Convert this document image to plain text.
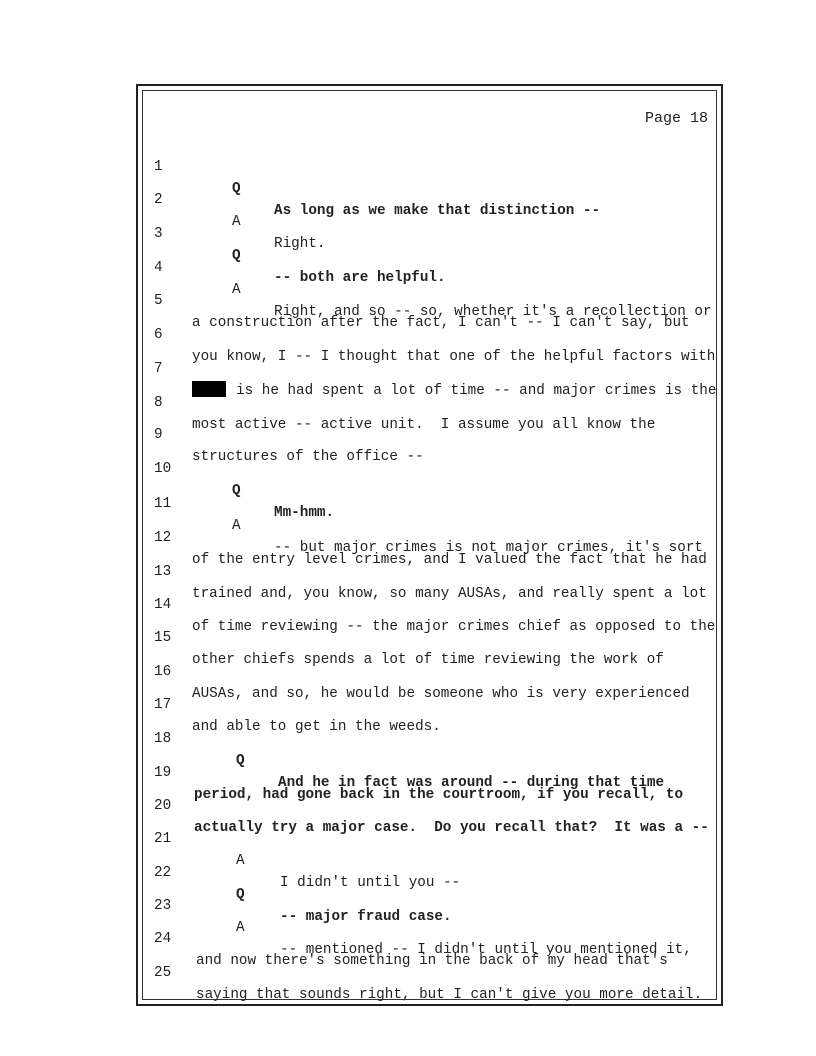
Page 18

1

Q

As long as we make that distinction --

2

A

Right.

3

Q

-- both are helpful.

4

A

Right, and so -- so, whether it's a recollection or

5

a construction after the fact, I can't -- I can't say, but

6

you know, I -- I thought that one of the helpful factors with

7

is he had spent a lot of time -- and major crimes is the

8

most active -- active unit.  I assume you all know the

9

structures of the office --

10

Q

Mm-hmm.

11

A

-- but major crimes is not major crimes, it's sort

12

of the entry level crimes, and I valued the fact that he had

13

trained and, you know, so many AUSAs, and really spent a lot

14

of time reviewing -- the major crimes chief as opposed to the

15

other chiefs spends a lot of time reviewing the work of

16

AUSAs, and so, he would be someone who is very experienced

17

and able to get in the weeds.

18

Q

And he in fact was around -- during that time

19

period, had gone back in the courtroom, if you recall, to

20

actually try a major case.  Do you recall that?  It was a --

21

A

I didn't until you --

22

Q

-- major fraud case.

23

A

-- mentioned -- I didn't until you mentioned it,

24

and now there's something in the back of my head that's

25

saying that sounds right, but I can't give you more detail.
